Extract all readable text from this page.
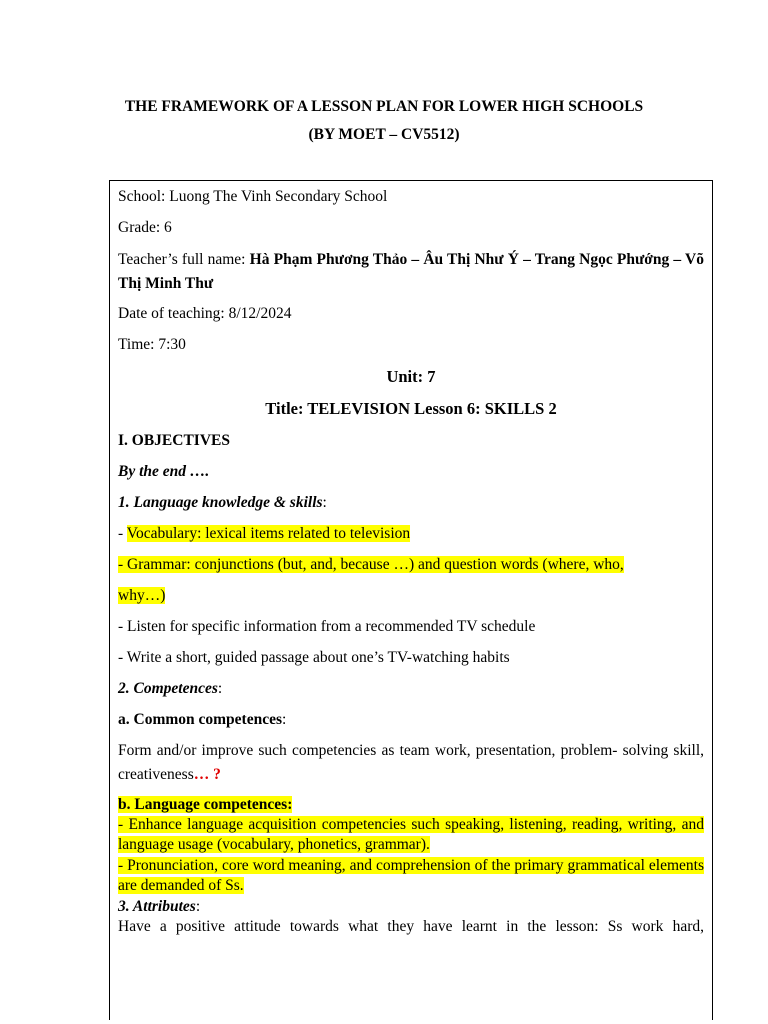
THE FRAMEWORK OF A LESSON PLAN FOR LOWER HIGH SCHOOLS

(BY MOET – CV5512)

School: Luong The Vinh Secondary School

Grade: 6

Teacher’s full name: Hà Phạm Phương Thảo – Âu Thị Như Ý – Trang Ngọc Phướng – Võ Thị Minh Thư

Date of teaching: 8/12/2024

Time: 7:30

Unit: 7

Title: TELEVISION Lesson 6: SKILLS 2

I. OBJECTIVES

By the end ….

1. Language knowledge & skills:

- Vocabulary: lexical items related to television

- Grammar: conjunctions (but, and, because …) and question words (where, who,

why…)

- Listen for specific information from a recommended TV schedule

- Write a short, guided passage about one’s TV-watching habits

2. Competences:

a. Common competences:

Form and/or improve such competencies as team work, presentation, problem- solving skill, creativeness… ?

b. Language competences:

- Enhance language acquisition competencies such speaking, listening, reading, writing, and language usage (vocabulary, phonetics, grammar).

- Pronunciation, core word meaning, and comprehension of the primary grammatical elements are demanded of Ss.

3. Attributes:

Have a positive attitude towards what they have learnt in the lesson: Ss work hard,
